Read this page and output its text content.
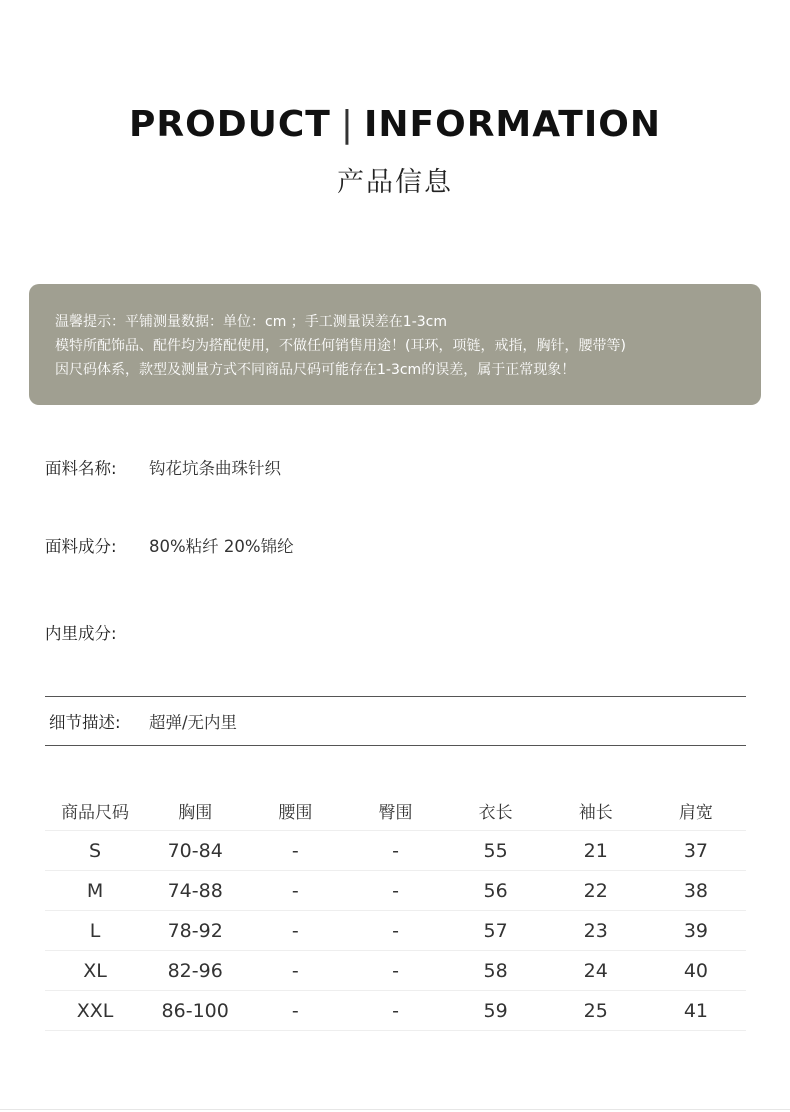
PRODUCT | INFORMATION
产品信息
温馨提示：平铺测量数据：单位：cm ；手工测量误差在1-3cm
模特所配饰品、配件均为搭配使用，不做任何销售用途！(耳环，项链，戒指，胸针，腰带等)
因尺码体系，款型及测量方式不同商品尺码可能存在1-3cm的误差，属于正常现象！
面料名称: 钩花坑条曲珠针织
面料成分: 80%粘纤 20%锦纶
内里成分:
细节描述: 超弹/无内里
商品尺码	胸围	腰围	臀围	衣长	袖长	肩宽
S	70-84	-	-	55	21	37
M	74-88	-	-	56	22	38
L	78-92	-	-	57	23	39
XL	82-96	-	-	58	24	40
XXL	86-100	-	-	59	25	41
